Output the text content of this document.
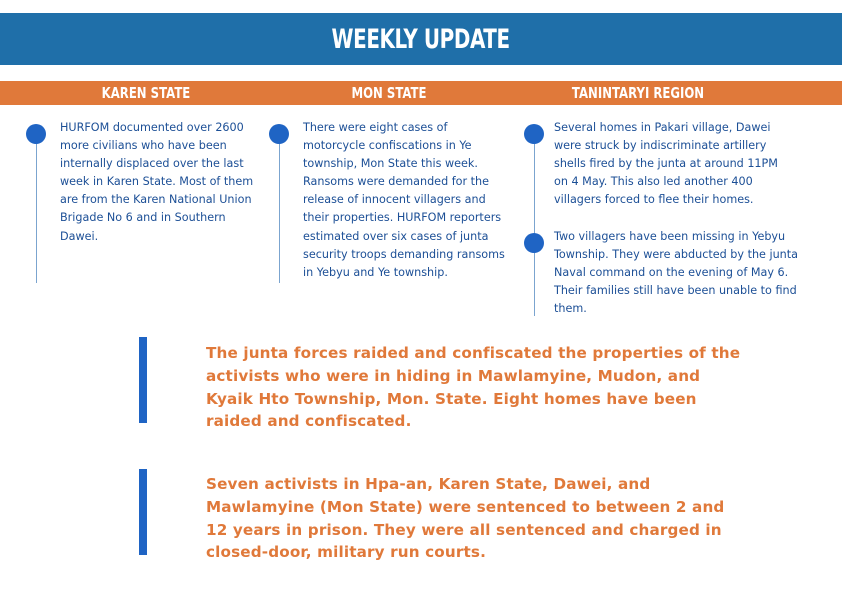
WEEKLY UPDATE
KAREN STATE	MON STATE	TANINTARYI REGION

HURFOM documented over 2600 more civilians who have been internally displaced over the last week in Karen State. Most of them are from the Karen National Union Brigade No 6 and in Southern Dawei.

There were eight cases of motorcycle confiscations in Ye township, Mon State this week. Ransoms were demanded for the release of innocent villagers and their properties. HURFOM reporters estimated over six cases of junta security troops demanding ransoms in Yebyu and Ye township.

Several homes in Pakari village, Dawei were struck by indiscriminate artillery shells fired by the junta at around 11PM on 4 May. This also led another 400 villagers forced to flee their homes.

Two villagers have been missing in Yebyu Township. They were abducted by the junta Naval command on the evening of May 6. Their families still have been unable to find them.

The junta forces raided and confiscated the properties of the activists who were in hiding in Mawlamyine, Mudon, and Kyaik Hto Township, Mon. State. Eight homes have been raided and confiscated.

Seven activists in Hpa-an, Karen State, Dawei, and Mawlamyine (Mon State) were sentenced to between 2 and 12 years in prison. They were all sentenced and charged in closed-door, military run courts.
